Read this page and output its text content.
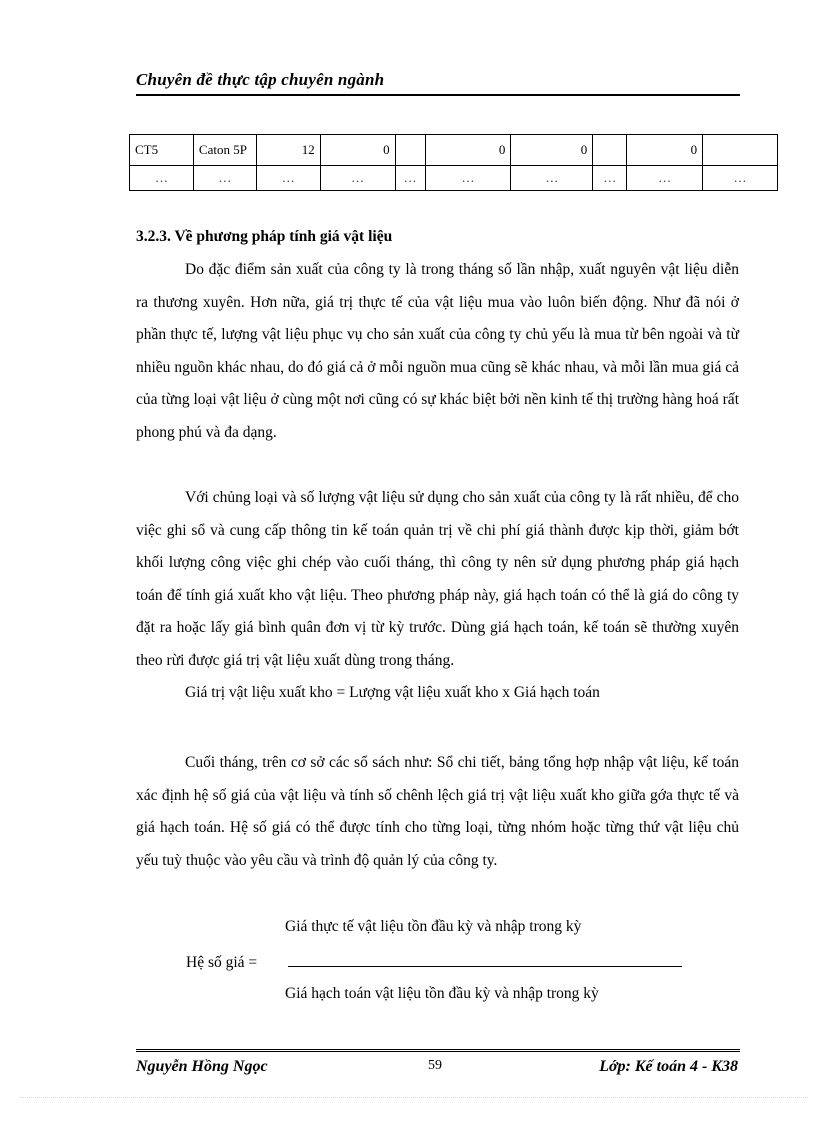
Chuyên đề thực tập chuyên ngành
CT5	Caton 5P	12	0		0	0		0	
…	…	…	…	…	…	…	…	…	…
3.2.3. Về phương pháp tính giá vật liệu

Do đặc điểm sản xuất của công ty là trong tháng số lần nhập, xuất nguyên vật liệu diễn ra thương xuyên. Hơn nữa, giá trị thực tế của vật liệu mua vào luôn biến động. Như đã nói ở phần thực tế, lượng vật liệu phục vụ cho sản xuất của công ty chủ yếu là mua từ bên ngoài và từ nhiều nguồn khác nhau, do đó giá cả ở mỗi nguồn mua cũng sẽ khác nhau, và mỗi lần mua giá cả của từng loại vật liệu ở cùng một nơi cũng có sự khác biệt bởi nền kinh tế thị trường hàng hoá rất phong phú và đa dạng.

Với chủng loại và số lượng vật liệu sử dụng cho sản xuất của công ty là rất nhiều, để cho việc ghi sổ và cung cấp thông tin kế toán quản trị về chi phí giá thành được kịp thời, giảm bớt khối lượng công việc ghi chép vào cuối tháng, thì công ty nên sử dụng phương pháp giá hạch toán để tính giá xuất kho vật liệu. Theo phương pháp này, giá hạch toán có thể là giá do công ty đặt ra hoặc lấy giá bình quân đơn vị từ kỳ trước. Dùng giá hạch toán, kế toán sẽ thường xuyên theo rừi được giá trị vật liệu xuất dùng trong tháng.

Giá trị vật liệu xuất kho = Lượng vật liệu xuất kho x Giá hạch toán

Cuối tháng, trên cơ sở các sổ sách như: Sổ chi tiết, bảng tổng hợp nhập vật liệu, kế toán xác định hệ số giá của vật liệu và tính số chênh lệch giá trị vật liệu xuất kho giữa gớa thực tế và giá hạch toán. Hệ số giá có thể được tính cho từng loại, từng nhóm hoặc từng thứ vật liệu chủ yếu tuỳ thuộc vào yêu cầu và trình độ quản lý của công ty.

Giá thực tế vật liệu tồn đầu kỳ và nhập trong kỳ
Hệ số giá =
Giá hạch toán vật liệu tồn đầu kỳ và nhập trong kỳ
Nguyễn Hồng Ngọc	59	Lớp: Kế toán 4 - K38
